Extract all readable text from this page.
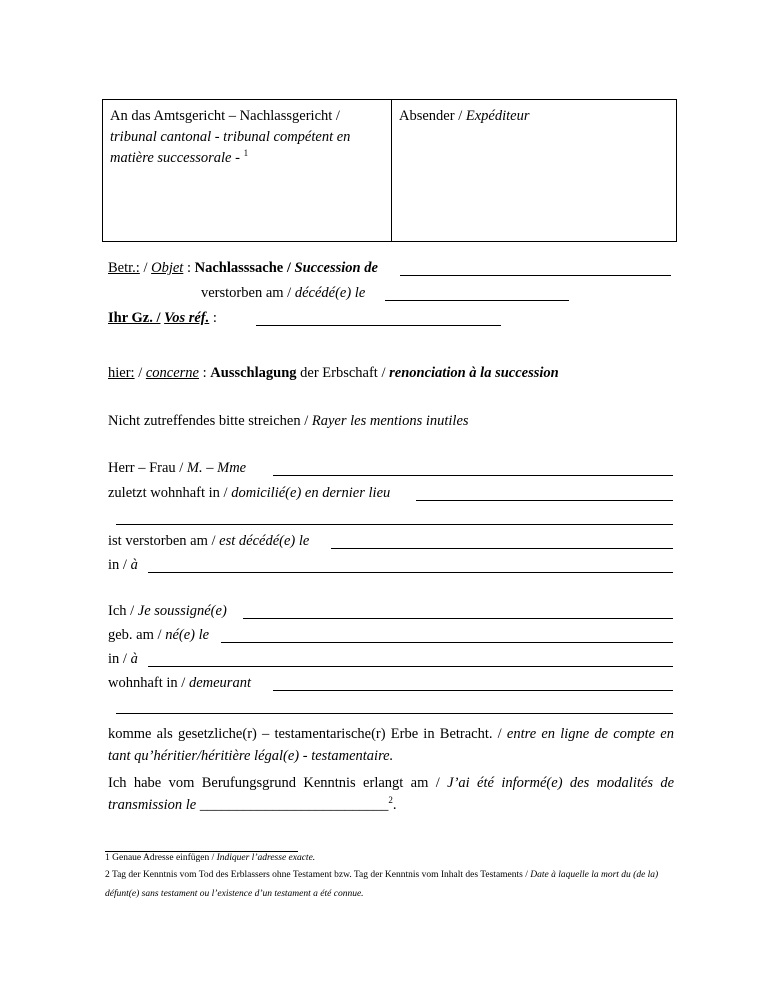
An das Amtsgericht – Nachlassgericht /
tribunal cantonal - tribunal compétent en
matière successorale - $^1$
Absender / Expéditeur
Betr.: / Objet : Nachlasssache / Succession de
verstorben am / décédé(e) le
Ihr Gz. / Vos réf. :
hier: / concerne : Ausschlagung der Erbschaft / renonciation à la succession
Nicht zutreffendes bitte streichen / Rayer les mentions inutiles
Herr – Frau / M. – Mme
zuletzt wohnhaft in / domicilié(e) en dernier lieu
ist verstorben am / est décédé(e) le
in / à
Ich / Je soussigné(e)
geb. am / né(e) le
in / à
wohnhaft in / demeurant
komme als gesetzliche(r) – testamentarische(r) Erbe in Betracht. / entre en ligne de compte en tant qu’héritier/héritière légal(e) - testamentaire.
Ich habe vom Berufungsgrund Kenntnis erlangt am / J’ai été informé(e) des modalités de transmission le __________________________$^2$.
1 Genaue Adresse einfügen / Indiquer l’adresse exacte.
2 Tag der Kenntnis vom Tod des Erblassers ohne Testament bzw. Tag der Kenntnis vom Inhalt des Testaments / Date à laquelle la mort du (de la) défunt(e) sans testament ou l’existence d’un testament a été connue.
